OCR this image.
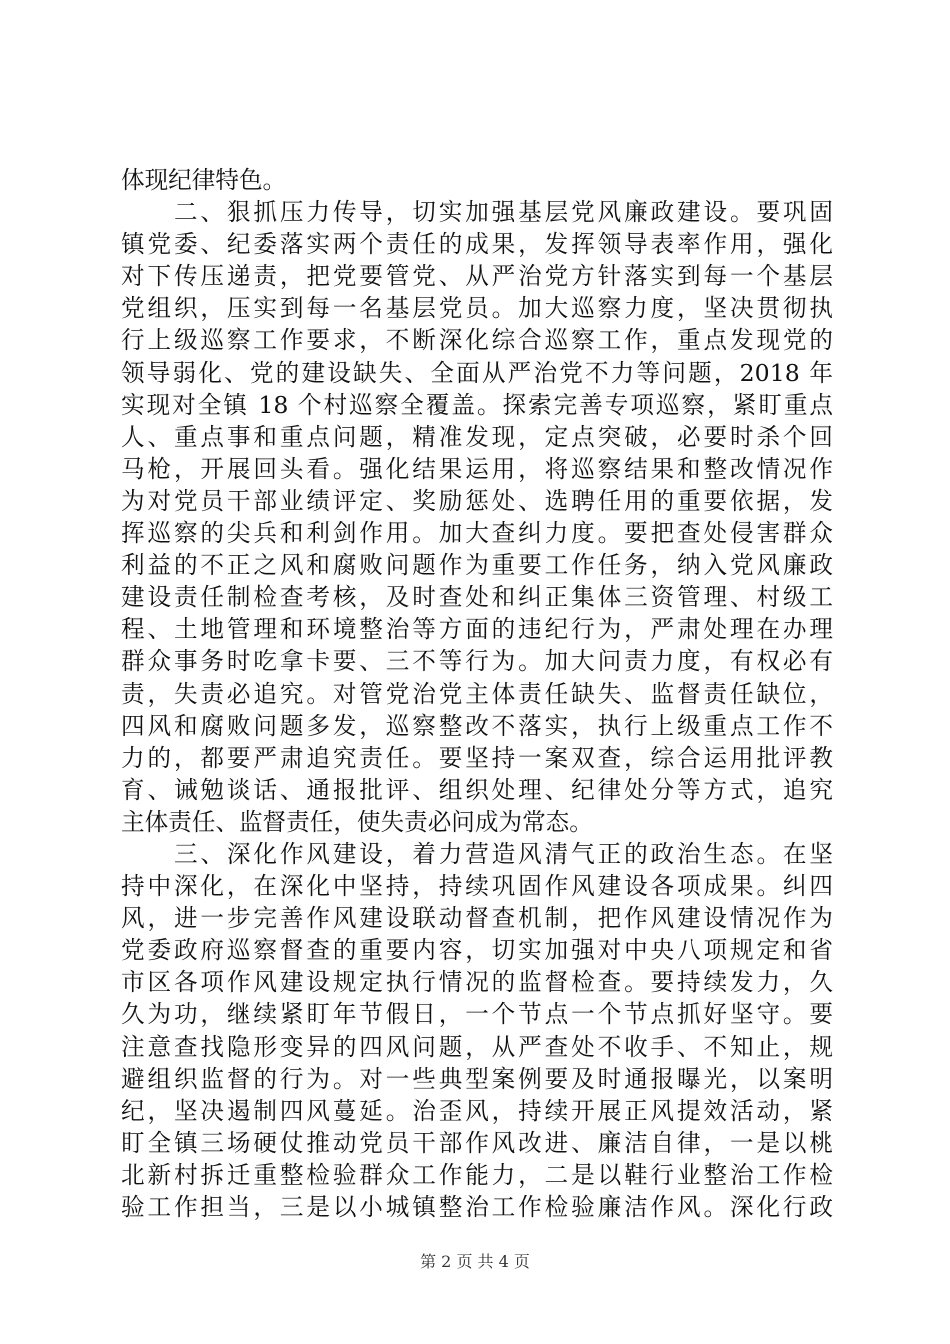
体现纪律特色。
　　二、狠抓压力传导，切实加强基层党风廉政建设。要巩固
镇党委、纪委落实两个责任的成果，发挥领导表率作用，强化
对下传压递责，把党要管党、从严治党方针落实到每一个基层
党组织，压实到每一名基层党员。加大巡察力度，坚决贯彻执
行上级巡察工作要求，不断深化综合巡察工作，重点发现党的
领导弱化、党的建设缺失、全面从严治党不力等问题，2018 年
实现对全镇 18 个村巡察全覆盖。探索完善专项巡察，紧盯重点
人、重点事和重点问题，精准发现，定点突破，必要时杀个回
马枪，开展回头看。强化结果运用，将巡察结果和整改情况作
为对党员干部业绩评定、奖励惩处、选聘任用的重要依据，发
挥巡察的尖兵和利剑作用。加大查纠力度。要把查处侵害群众
利益的不正之风和腐败问题作为重要工作任务，纳入党风廉政
建设责任制检查考核，及时查处和纠正集体三资管理、村级工
程、土地管理和环境整治等方面的违纪行为，严肃处理在办理
群众事务时吃拿卡要、三不等行为。加大问责力度，有权必有
责，失责必追究。对管党治党主体责任缺失、监督责任缺位，
四风和腐败问题多发，巡察整改不落实，执行上级重点工作不
力的，都要严肃追究责任。要坚持一案双查，综合运用批评教
育、诫勉谈话、通报批评、组织处理、纪律处分等方式，追究
主体责任、监督责任，使失责必问成为常态。
　　三、深化作风建设，着力营造风清气正的政治生态。在坚
持中深化，在深化中坚持，持续巩固作风建设各项成果。纠四
风，进一步完善作风建设联动督查机制，把作风建设情况作为
党委政府巡察督查的重要内容，切实加强对中央八项规定和省
市区各项作风建设规定执行情况的监督检查。要持续发力，久
久为功，继续紧盯年节假日，一个节点一个节点抓好坚守。要
注意查找隐形变异的四风问题，从严查处不收手、不知止，规
避组织监督的行为。对一些典型案例要及时通报曝光，以案明
纪，坚决遏制四风蔓延。治歪风，持续开展正风提效活动，紧
盯全镇三场硬仗推动党员干部作风改进、廉洁自律，一是以桃
北新村拆迁重整检验群众工作能力，二是以鞋行业整治工作检
验工作担当，三是以小城镇整治工作检验廉洁作风。深化行政
第 2 页 共 4 页
